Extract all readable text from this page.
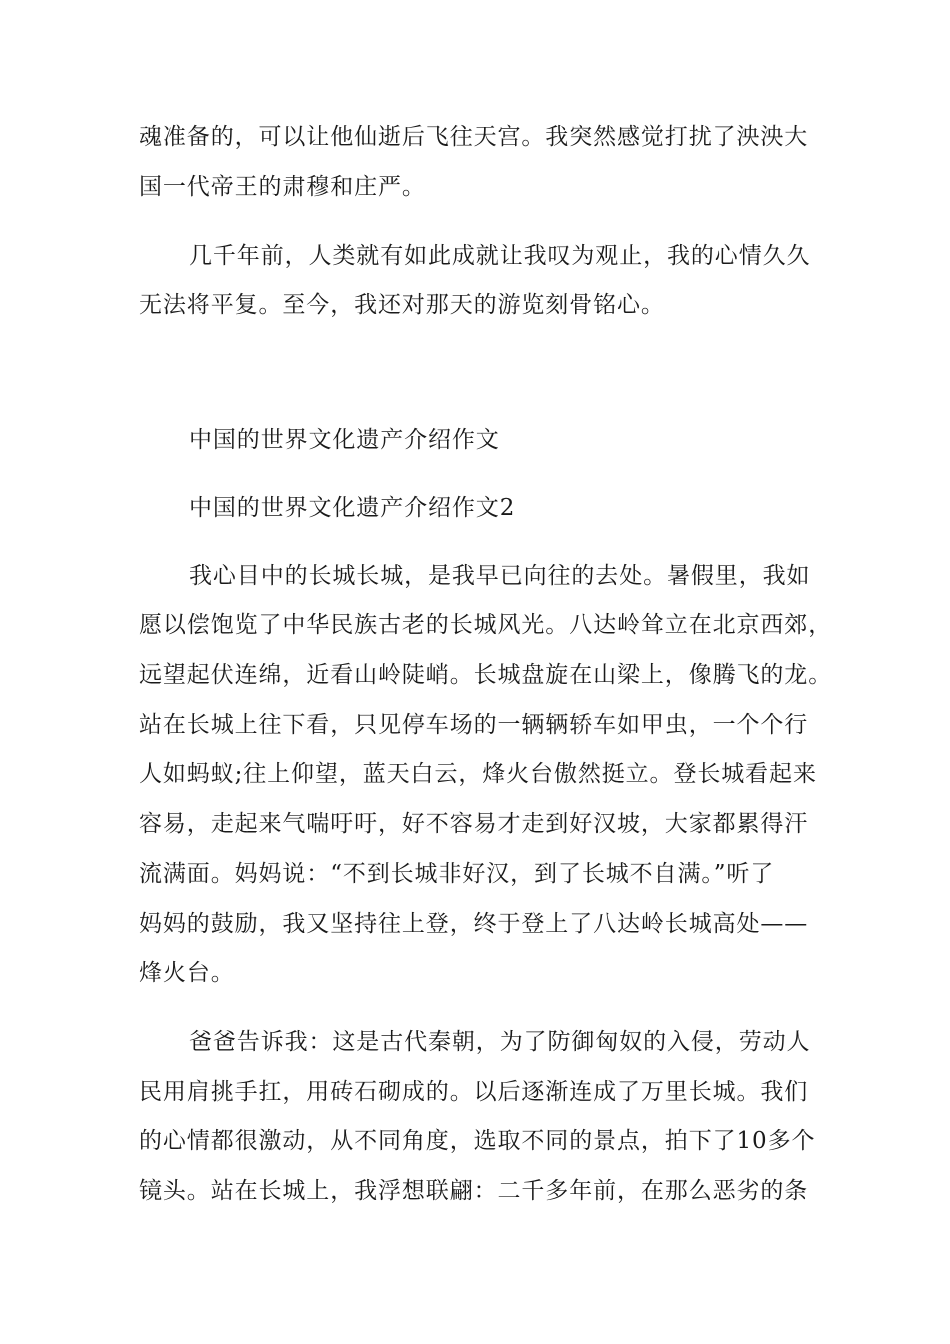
魂准备的，可以让他仙逝后飞往天宫。我突然感觉打扰了泱泱大
国一代帝王的肃穆和庄严。
几千年前，人类就有如此成就让我叹为观止，我的心情久久
无法将平复。至今，我还对那天的游览刻骨铭心。
中国的世界文化遗产介绍作文
中国的世界文化遗产介绍作文2
我心目中的长城长城，是我早已向往的去处。暑假里，我如
愿以偿饱览了中华民族古老的长城风光。八达岭耸立在北京西郊，
远望起伏连绵，近看山岭陡峭。长城盘旋在山梁上，像腾飞的龙。
站在长城上往下看，只见停车场的一辆辆轿车如甲虫，一个个行
人如蚂蚁;往上仰望，蓝天白云，烽火台傲然挺立。登长城看起来
容易，走起来气喘吁吁，好不容易才走到好汉坡，大家都累得汗
流满面。妈妈说：“不到长城非好汉，到了长城不自满。”听了
妈妈的鼓励，我又坚持往上登，终于登上了八达岭长城高处——
烽火台。
爸爸告诉我：这是古代秦朝，为了防御匈奴的入侵，劳动人
民用肩挑手扛，用砖石砌成的。以后逐渐连成了万里长城。我们
的心情都很激动，从不同角度，选取不同的景点，拍下了10多个
镜头。站在长城上，我浮想联翩：二千多年前，在那么恶劣的条
